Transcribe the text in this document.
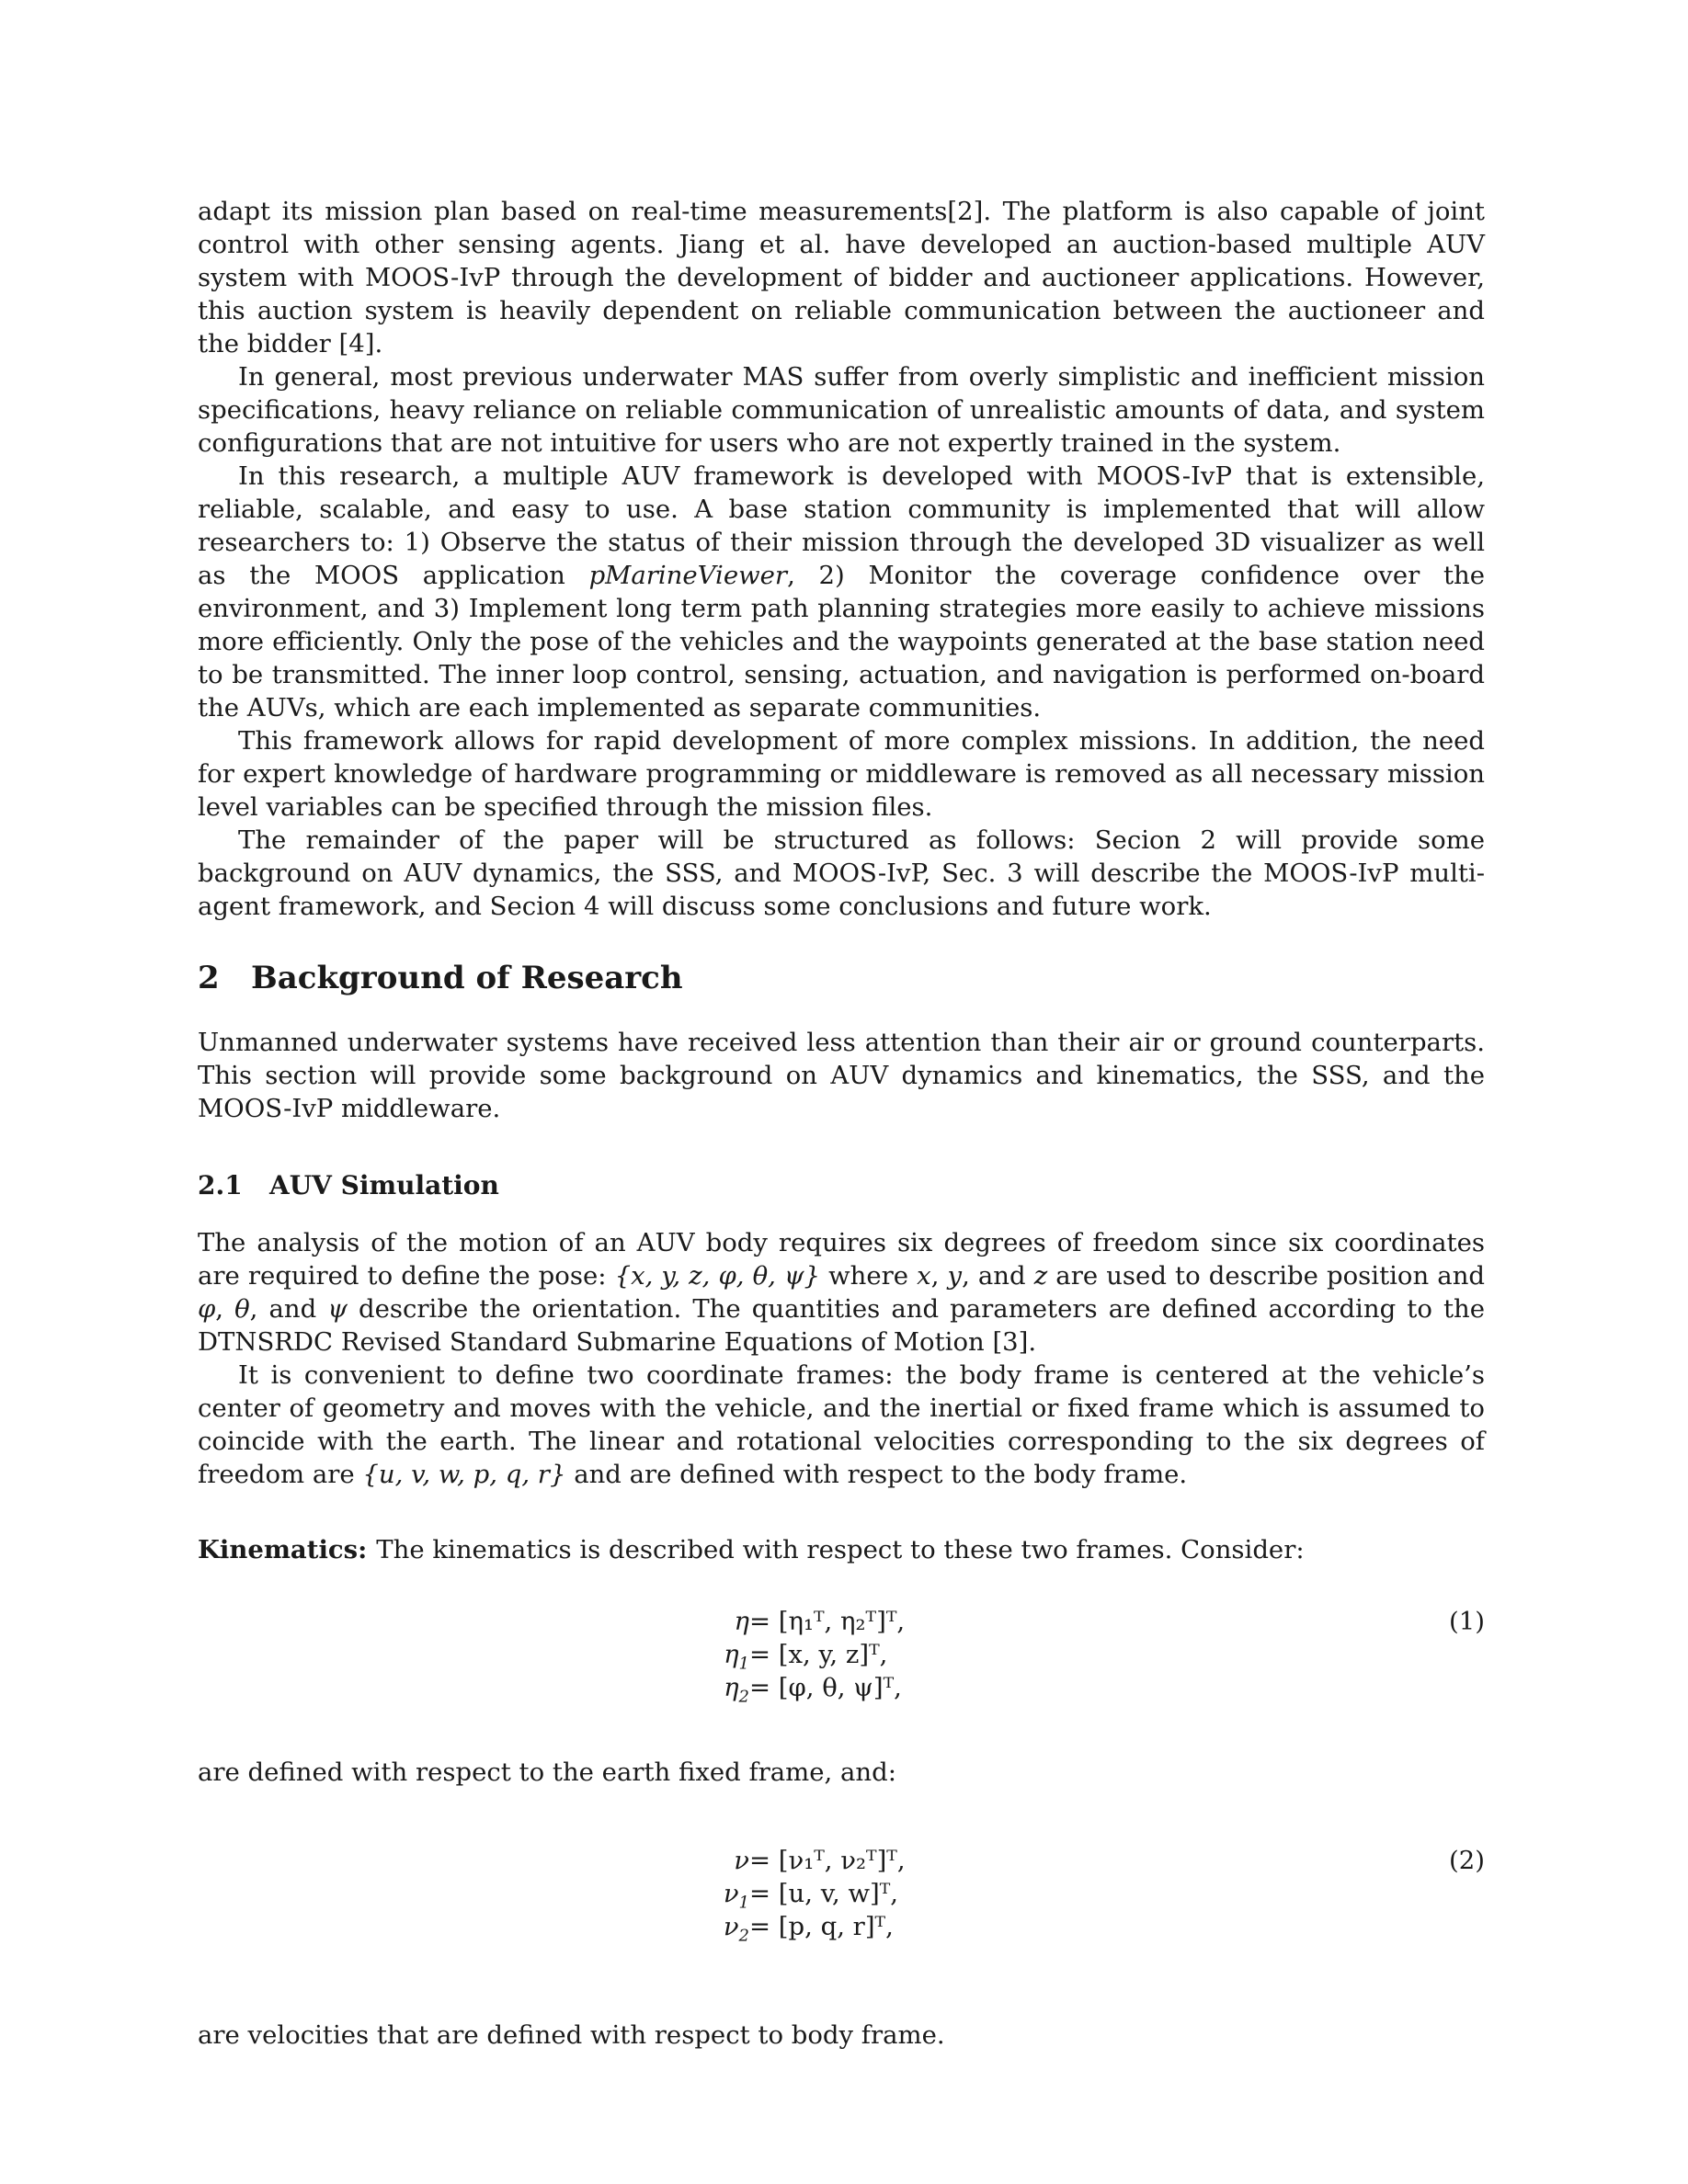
adapt its mission plan based on real-time measurements[2]. The platform is also capable of joint control with other sensing agents. Jiang et al. have developed an auction-based multiple AUV system with MOOS-IvP through the development of bidder and auctioneer applications. However, this auction system is heavily dependent on reliable communication between the auctioneer and the bidder [4].

In general, most previous underwater MAS suffer from overly simplistic and inefficient mission specifications, heavy reliance on reliable communication of unrealistic amounts of data, and system configurations that are not intuitive for users who are not expertly trained in the system.

In this research, a multiple AUV framework is developed with MOOS-IvP that is extensible, reliable, scalable, and easy to use. A base station community is implemented that will allow researchers to: 1) Observe the status of their mission through the developed 3D visualizer as well as the MOOS application pMarineViewer, 2) Monitor the coverage confidence over the environment, and 3) Implement long term path planning strategies more easily to achieve missions more efficiently. Only the pose of the vehicles and the waypoints generated at the base station need to be transmitted. The inner loop control, sensing, actuation, and navigation is performed on-board the AUVs, which are each implemented as separate communities.

This framework allows for rapid development of more complex missions. In addition, the need for expert knowledge of hardware programming or middleware is removed as all necessary mission level variables can be specified through the mission files.

The remainder of the paper will be structured as follows: Secion 2 will provide some background on AUV dynamics, the SSS, and MOOS-IvP, Sec. 3 will describe the MOOS-IvP multi-agent framework, and Secion 4 will discuss some conclusions and future work.

2 Background of Research

Unmanned underwater systems have received less attention than their air or ground counterparts. This section will provide some background on AUV dynamics and kinematics, the SSS, and the MOOS-IvP middleware.

2.1 AUV Simulation

The analysis of the motion of an AUV body requires six degrees of freedom since six coordinates are required to define the pose: {x, y, z, φ, θ, ψ} where x, y, and z are used to describe position and φ, θ, and ψ describe the orientation. The quantities and parameters are defined according to the DTNSRDC Revised Standard Submarine Equations of Motion [3].

It is convenient to define two coordinate frames: the body frame is centered at the vehicle’s center of geometry and moves with the vehicle, and the inertial or fixed frame which is assumed to coincide with the earth. The linear and rotational velocities corresponding to the six degrees of freedom are {u, v, w, p, q, r} and are defined with respect to the body frame.

Kinematics: The kinematics is described with respect to these two frames. Consider:

η = [η₁ᵀ, η₂ᵀ]ᵀ,	(1)
$\eta_1 = [x$, y, z]ᵀ,
$\eta_2 = [\varphi$, θ, ψ]ᵀ,

are defined with respect to the earth fixed frame, and:

ν = [ν₁ᵀ, ν₂ᵀ]ᵀ,	(2)
$\nu_1 = [u$, v, w]ᵀ,
$\nu_2 = [p$, q, r]ᵀ,

are velocities that are defined with respect to body frame.
